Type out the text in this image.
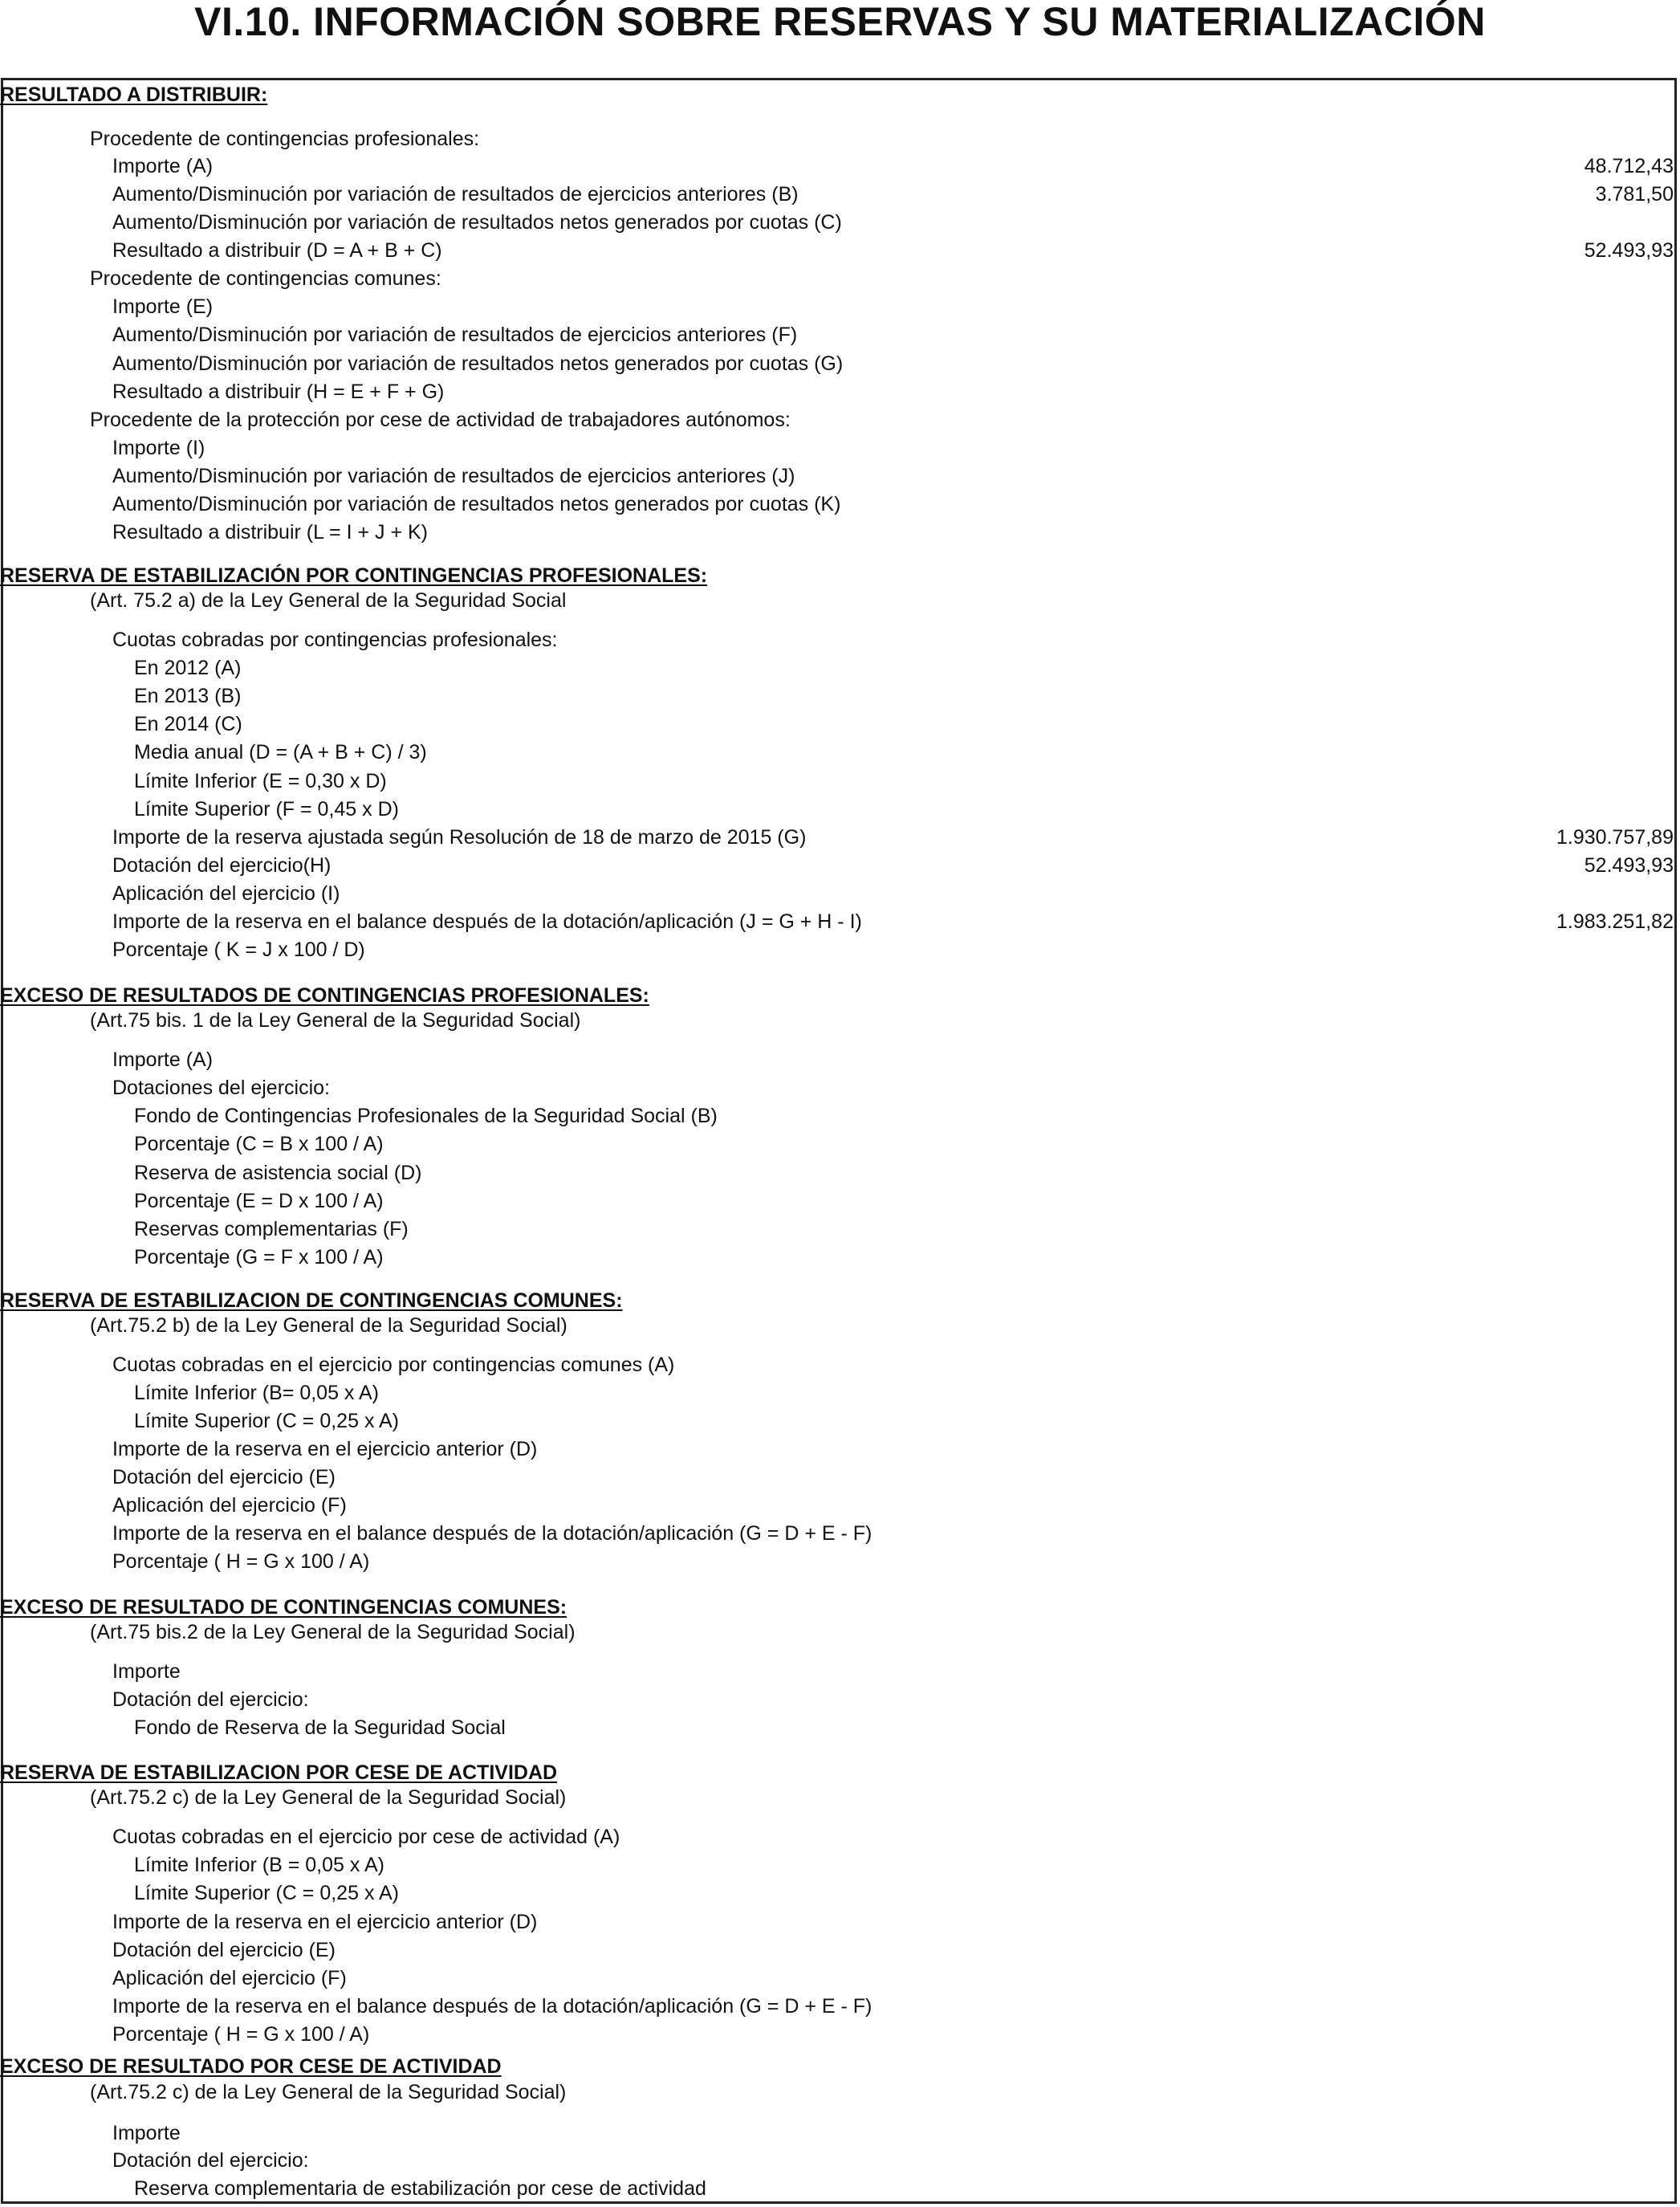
VI.10. INFORMACIÓN SOBRE RESERVAS Y SU MATERIALIZACIÓN
RESULTADO A DISTRIBUIR:
Procedente de contingencias profesionales:
Importe (A)	48.712,43
Aumento/Disminución por variación de resultados de ejercicios anteriores (B)	3.781,50
Aumento/Disminución por variación de resultados netos generados por cuotas (C)
Resultado a distribuir (D = A + B + C)	52.493,93
Procedente de contingencias comunes:
Importe (E)
Aumento/Disminución por variación de resultados de ejercicios anteriores (F)
Aumento/Disminución por variación de resultados netos generados por cuotas (G)
Resultado a distribuir (H = E + F + G)
Procedente de la protección por cese de actividad de trabajadores autónomos:
Importe (I)
Aumento/Disminución por variación de resultados de ejercicios anteriores (J)
Aumento/Disminución por variación de resultados netos generados por cuotas (K)
Resultado a distribuir (L = I + J + K)
RESERVA DE ESTABILIZACIÓN POR CONTINGENCIAS PROFESIONALES:
(Art. 75.2 a) de la Ley General de la Seguridad Social
Cuotas cobradas por contingencias profesionales:
En 2012 (A)
En 2013 (B)
En 2014 (C)
Media anual (D = (A + B + C) / 3)
Límite Inferior (E = 0,30 x D)
Límite Superior (F = 0,45 x D)
Importe de la reserva ajustada según Resolución de 18 de marzo de 2015 (G)	1.930.757,89
Dotación del ejercicio(H)	52.493,93
Aplicación del ejercicio (I)
Importe de la reserva en el balance después de la dotación/aplicación (J = G + H - I)	1.983.251,82
Porcentaje ( K = J x 100 / D)
EXCESO DE RESULTADOS DE CONTINGENCIAS PROFESIONALES:
(Art.75 bis. 1 de la Ley General de la Seguridad Social)
Importe (A)
Dotaciones del ejercicio:
Fondo de Contingencias Profesionales de la Seguridad Social (B)
Porcentaje (C = B x 100 / A)
Reserva de asistencia social (D)
Porcentaje (E = D x 100 / A)
Reservas complementarias (F)
Porcentaje (G = F x 100 / A)
RESERVA DE ESTABILIZACION DE CONTINGENCIAS COMUNES:
(Art.75.2 b) de la Ley General de la Seguridad Social)
Cuotas cobradas en el ejercicio por contingencias comunes (A)
Límite Inferior (B= 0,05 x A)
Límite Superior (C = 0,25 x A)
Importe de la reserva en el ejercicio anterior (D)
Dotación del ejercicio (E)
Aplicación del ejercicio (F)
Importe de la reserva en el balance después de la dotación/aplicación (G = D + E - F)
Porcentaje ( H = G x 100 / A)
EXCESO DE RESULTADO DE CONTINGENCIAS COMUNES:
(Art.75 bis.2 de la Ley General de la Seguridad Social)
Importe
Dotación del ejercicio:
Fondo de Reserva de la Seguridad Social
RESERVA DE ESTABILIZACION POR CESE DE ACTIVIDAD
(Art.75.2 c) de la Ley General de la Seguridad Social)
Cuotas cobradas en el ejercicio por cese de actividad (A)
Límite Inferior (B = 0,05 x A)
Límite Superior (C = 0,25 x A)
Importe de la reserva en el ejercicio anterior (D)
Dotación del ejercicio (E)
Aplicación del ejercicio (F)
Importe de la reserva en el balance después de la dotación/aplicación (G = D + E - F)
Porcentaje ( H = G x 100 / A)
EXCESO DE RESULTADO POR CESE DE ACTIVIDAD
(Art.75.2 c) de la Ley General de la Seguridad Social)
Importe
Dotación del ejercicio:
Reserva complementaria de estabilización por cese de actividad
